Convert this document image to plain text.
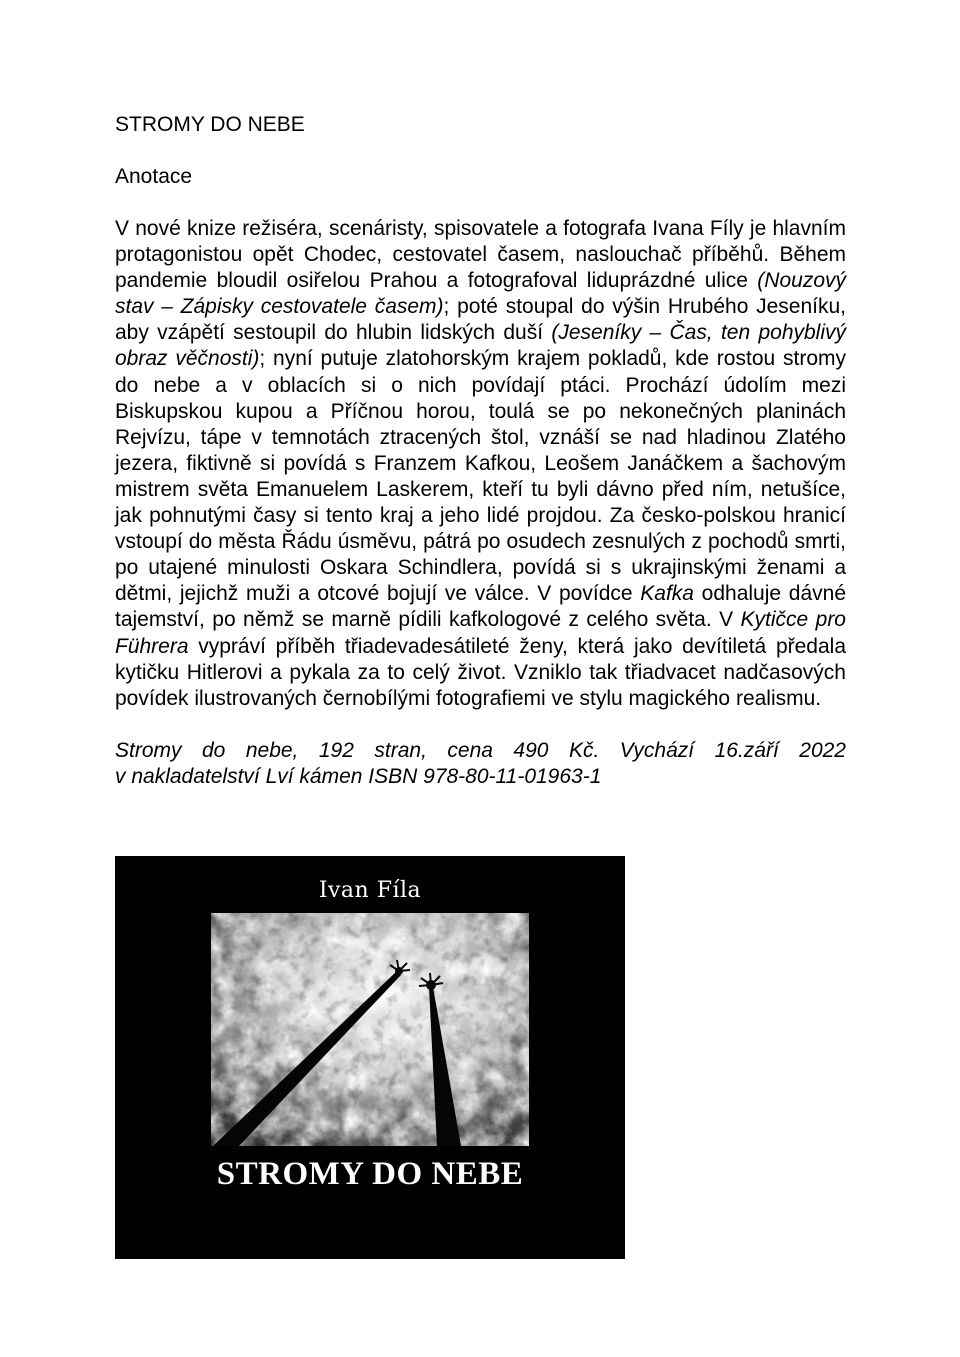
STROMY DO NEBE
Anotace

V nové knize režiséra, scenáristy, spisovatele a fotografa Ivana Fíly je hlavním protagonistou opět Chodec, cestovatel časem, naslouchač příběhů. Během pandemie bloudil osiřelou Prahou a fotografoval liduprázdné ulice (Nouzový stav – Zápisky cestovatele časem); poté stoupal do výšin Hrubého Jeseníku, aby vzápětí sestoupil do hlubin lidských duší (Jeseníky – Čas, ten pohyblivý obraz věčnosti); nyní putuje zlatohorským krajem pokladů, kde rostou stromy do nebe a v oblacích si o nich povídají ptáci. Prochází údolím mezi Biskupskou kupou a Příčnou horou, toulá se po nekonečných planinách Rejvízu, tápe v temnotách ztracených štol, vznáší se nad hladinou Zlatého jezera, fiktivně si povídá s Franzem Kafkou, Leošem Janáčkem a šachovým mistrem světa Emanuelem Laskerem, kteří tu byli dávno před ním, netušíce, jak pohnutými časy si tento kraj a jeho lidé projdou. Za česko-polskou hranicí vstoupí do města Řádu úsměvu, pátrá po osudech zesnulých z pochodů smrti, po utajené minulosti Oskara Schindlera, povídá si s ukrajinskými ženami a dětmi, jejichž muži a otcové bojují ve válce. V povídce Kafka odhaluje dávné tajemství, po němž se marně pídili kafkologové z celého světa. V Kytičce pro Führera vypráví příběh třiadevadesátileté ženy, která jako devítiletá předala kytičku Hitlerovi a pykala za to celý život. Vzniklo tak třiadvacet nadčasových povídek ilustrovaných černobílými fotografiemi ve stylu magického realismu.

Stromy do nebe, 192 stran, cena 490 Kč. Vychází 16.září 2022
v nakladatelství Lví kámen ISBN 978-80-11-01963-1

Ivan Fíla
STROMY DO NEBE
